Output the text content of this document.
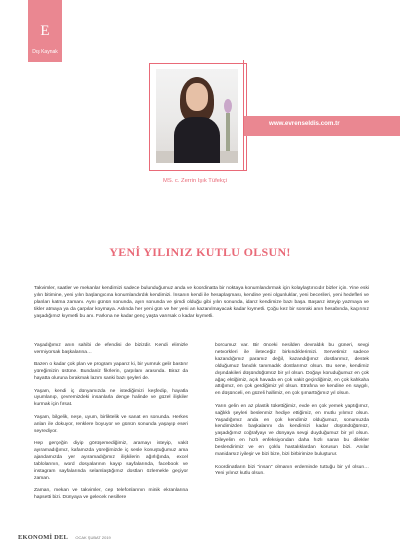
E
Dış Kaynak
www.evrenseldis.com.tr
MS. c. Zerrin Işık Tüfekçi
YENİ YILINIZ KUTLU OLSUN!
Takvimler, saatler ve mekanlar kendimizi sadece bulunduğumuz anda ve koordinatta bir noktaya konumlandırmak için kolaylaştırıcıdır bizler için. Yine eski yılın bitimine, yeni yılın başlangıcına konumlandırdık kendimizi. İnsanın kendi ile hesaplaşması, kendine yeni olgunluklar, yeni becerileri, yeni hedefleri ve planları katma zamanı. Aynı günün sonunda, ayın sonunda ve şimdi olduğu gibi yılın sonunda, idarız kendimize bazı başa. Başarız isteyip yazmaya ve tikler atmaya ya da çarpılar koymaya. Aslında her yeni gün ve her yeni an kazanılmayacak kadar kıymetli. Çoğu kez bir sonraki anın hesabında, kaçırınız yaşadığımız kıymetli bu anı. Farkına ne kadar genç yaşta varırsak o kadar kıymetli.

Yaşadığımız anın sahibi de efendisi de bizizdir. Kendi elimizle vermiyorsak başkalarına…

Bazen o kadar çok plan ve program yaparız ki, bir yumruk gelir bastırır yüreğimizin üstüne. Bundaniz fikrlerin, çarpılanı arasında. Biraz da hayatta oluruna bırakmak lazım sanki bazı şeyleri de.

Yaşam, kendi iç dünyamızda ne istediğimizi keşfedip, hayatla uyumlanıp, çevremizdeki insanlarla denge halinde ve güzel ilişkiler kurmak için fırsat.

Yaşam, bilgelik, neşe, uyum, birliktelik ve sanat en sonunda. Herkes anları ile dokuyor, renklere boyuyor ve günün sonunda yaşayıp eseri seyrediyor.

Hep gerçeğin diyip görüşemediğimiz, aramayı isteyip, vakit ayıramadığımız, kafamızda yüreğimizde iç sesle konuştuğumuz ama ajandamızda yer ayıramadığımız ilişkilerin ağırlığında, excel tablolarının, word dosyalarının kayıp sayfalarında, facebook ve instagram sayfalarında selamlaştığımız dostları özlemekle geçiyor zaman.

Zaman, mekan ve takvimler, cep telefonlarının minik ekranlarına hapsetti bizi. Dünyaya ve gelecek nesillere

borcumuz var. Bir önceki nesilden devraldık bu güneri, sevgi netvorkleri ile ileteceğiz birkındıklerimizi. Servetimiz sadece kazandığımız paramız değil, kazandığımız dostlarımız, destek olduğumuz fanıdık tanımadık dostlarımız olsun. Bu sene, kendimiz dışındakileri düşündüğümüz bir yıl olsun. Doğayı koruduğumuz en çok ağaç ektiğimiz, açık havada en çok vakit geçirdiğimiz, en çok kahkaha attığımız, en çok gerdiğimiz yıl olsun. Etrafına ve kendine en saygılı, en düşünceli, en güzeli hallimiz, en çok şımarttığımız yıl olsun.

Yarın gelin en az plastik tükettiğimiz, evde en çok yemek yaptığımız, sağlıklı şeyleri beslenmiz hediye ettiğimiz, en mutlu yılımız olsun. Yaşadığımız anda en çok kendimiz olduğumuz, sonumuzda kendimizden başkalarını da kendimizi kadar düşündüğümüz, yaşadığımız coğrafyayı ve dünyaya sevgi duyduğumuz bir yıl olsun. Dileyelim en hızlı enfeksiyondan daha hızlı saran bu dilekler beslendirimiz ve en çoklu hastalıklardan korusun bizi. Anılar manidarsız iyileşir ve bizi bize, bizi birbirimize buluşturur.

Koordinatların bizi “insan” olmanın erdeminde tuttuğu bir yıl olsun… Yeni yılınız kutlu olsun.

EKONOMİ DEL OCAK ŞUBAT 2019
